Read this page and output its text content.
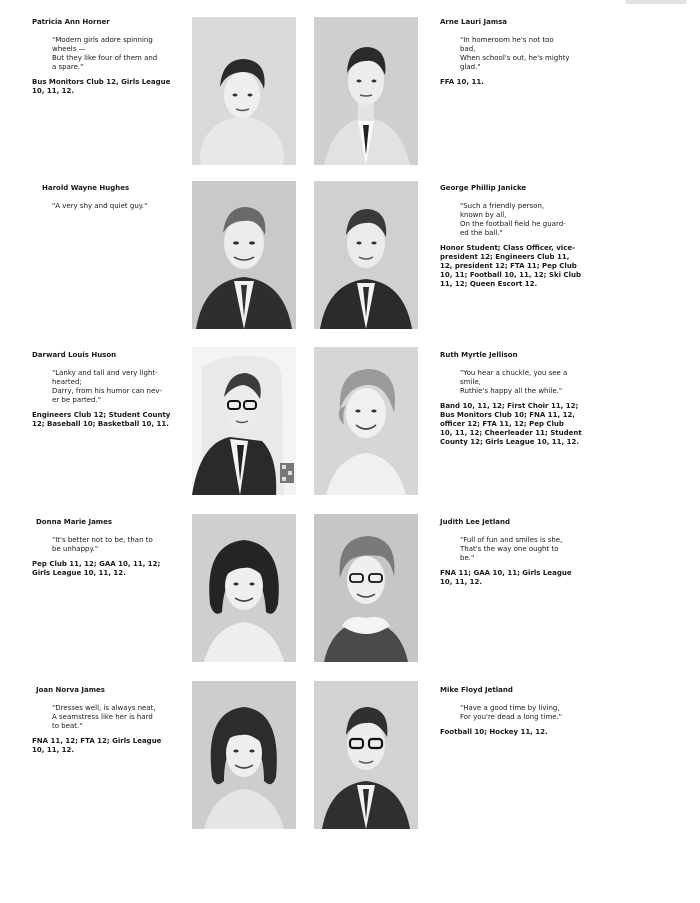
Patricia Ann Horner
"Modern girls adore spinning
wheels —
But they like four of them and
a spare."
Bus Monitors Club 12, Girls League
10, 11, 12.
Arne Lauri Jamsa
"In homeroom he's not too
bad,
When school's out, he's mighty
glad."
FFA 10, 11.
Harold Wayne Hughes
"A very shy and quiet guy."
George Phillip Janicke
"Such a friendly person,
known by all,
On the football field he guard-
ed the ball."
Honor Student; Class Officer, vice-
president 12; Engineers Club 11,
12, president 12; FTA 11; Pep Club
10, 11; Football 10, 11, 12; Ski Club
11, 12; Queen Escort 12.
Darward Louis Huson
"Lanky and tall and very light-
hearted;
Darry, from his humor can nev-
er be parted."
Engineers Club 12; Student County
12; Baseball 10; Basketball 10, 11.
Ruth Myrtle Jellison
"You hear a chuckle, you see a
smile,
Ruthie's happy all the while."
Band 10, 11, 12; First Choir 11, 12;
Bus Monitors Club 10; FNA 11, 12,
officer 12; FTA 11, 12; Pep Club
10, 11, 12; Cheerleader 11; Student
County 12; Girls League 10, 11, 12.
Donna Marie James
"It's better not to be, than to
be unhappy."
Pep Club 11, 12; GAA 10, 11, 12;
Girls League 10, 11, 12.
Judith Lee Jetland
"Full of fun and smiles is she,
That's the way one ought to
be."
FNA 11; GAA 10, 11; Girls League
10, 11, 12.
Joan Norva James
"Dresses well, is always neat,
A seamstress like her is hard
to beat."
FNA 11, 12; FTA 12; Girls League
10, 11, 12.
Mike Floyd Jetland
"Have a good time by living,
For you're dead a long time."
Football 10; Hockey 11, 12.
